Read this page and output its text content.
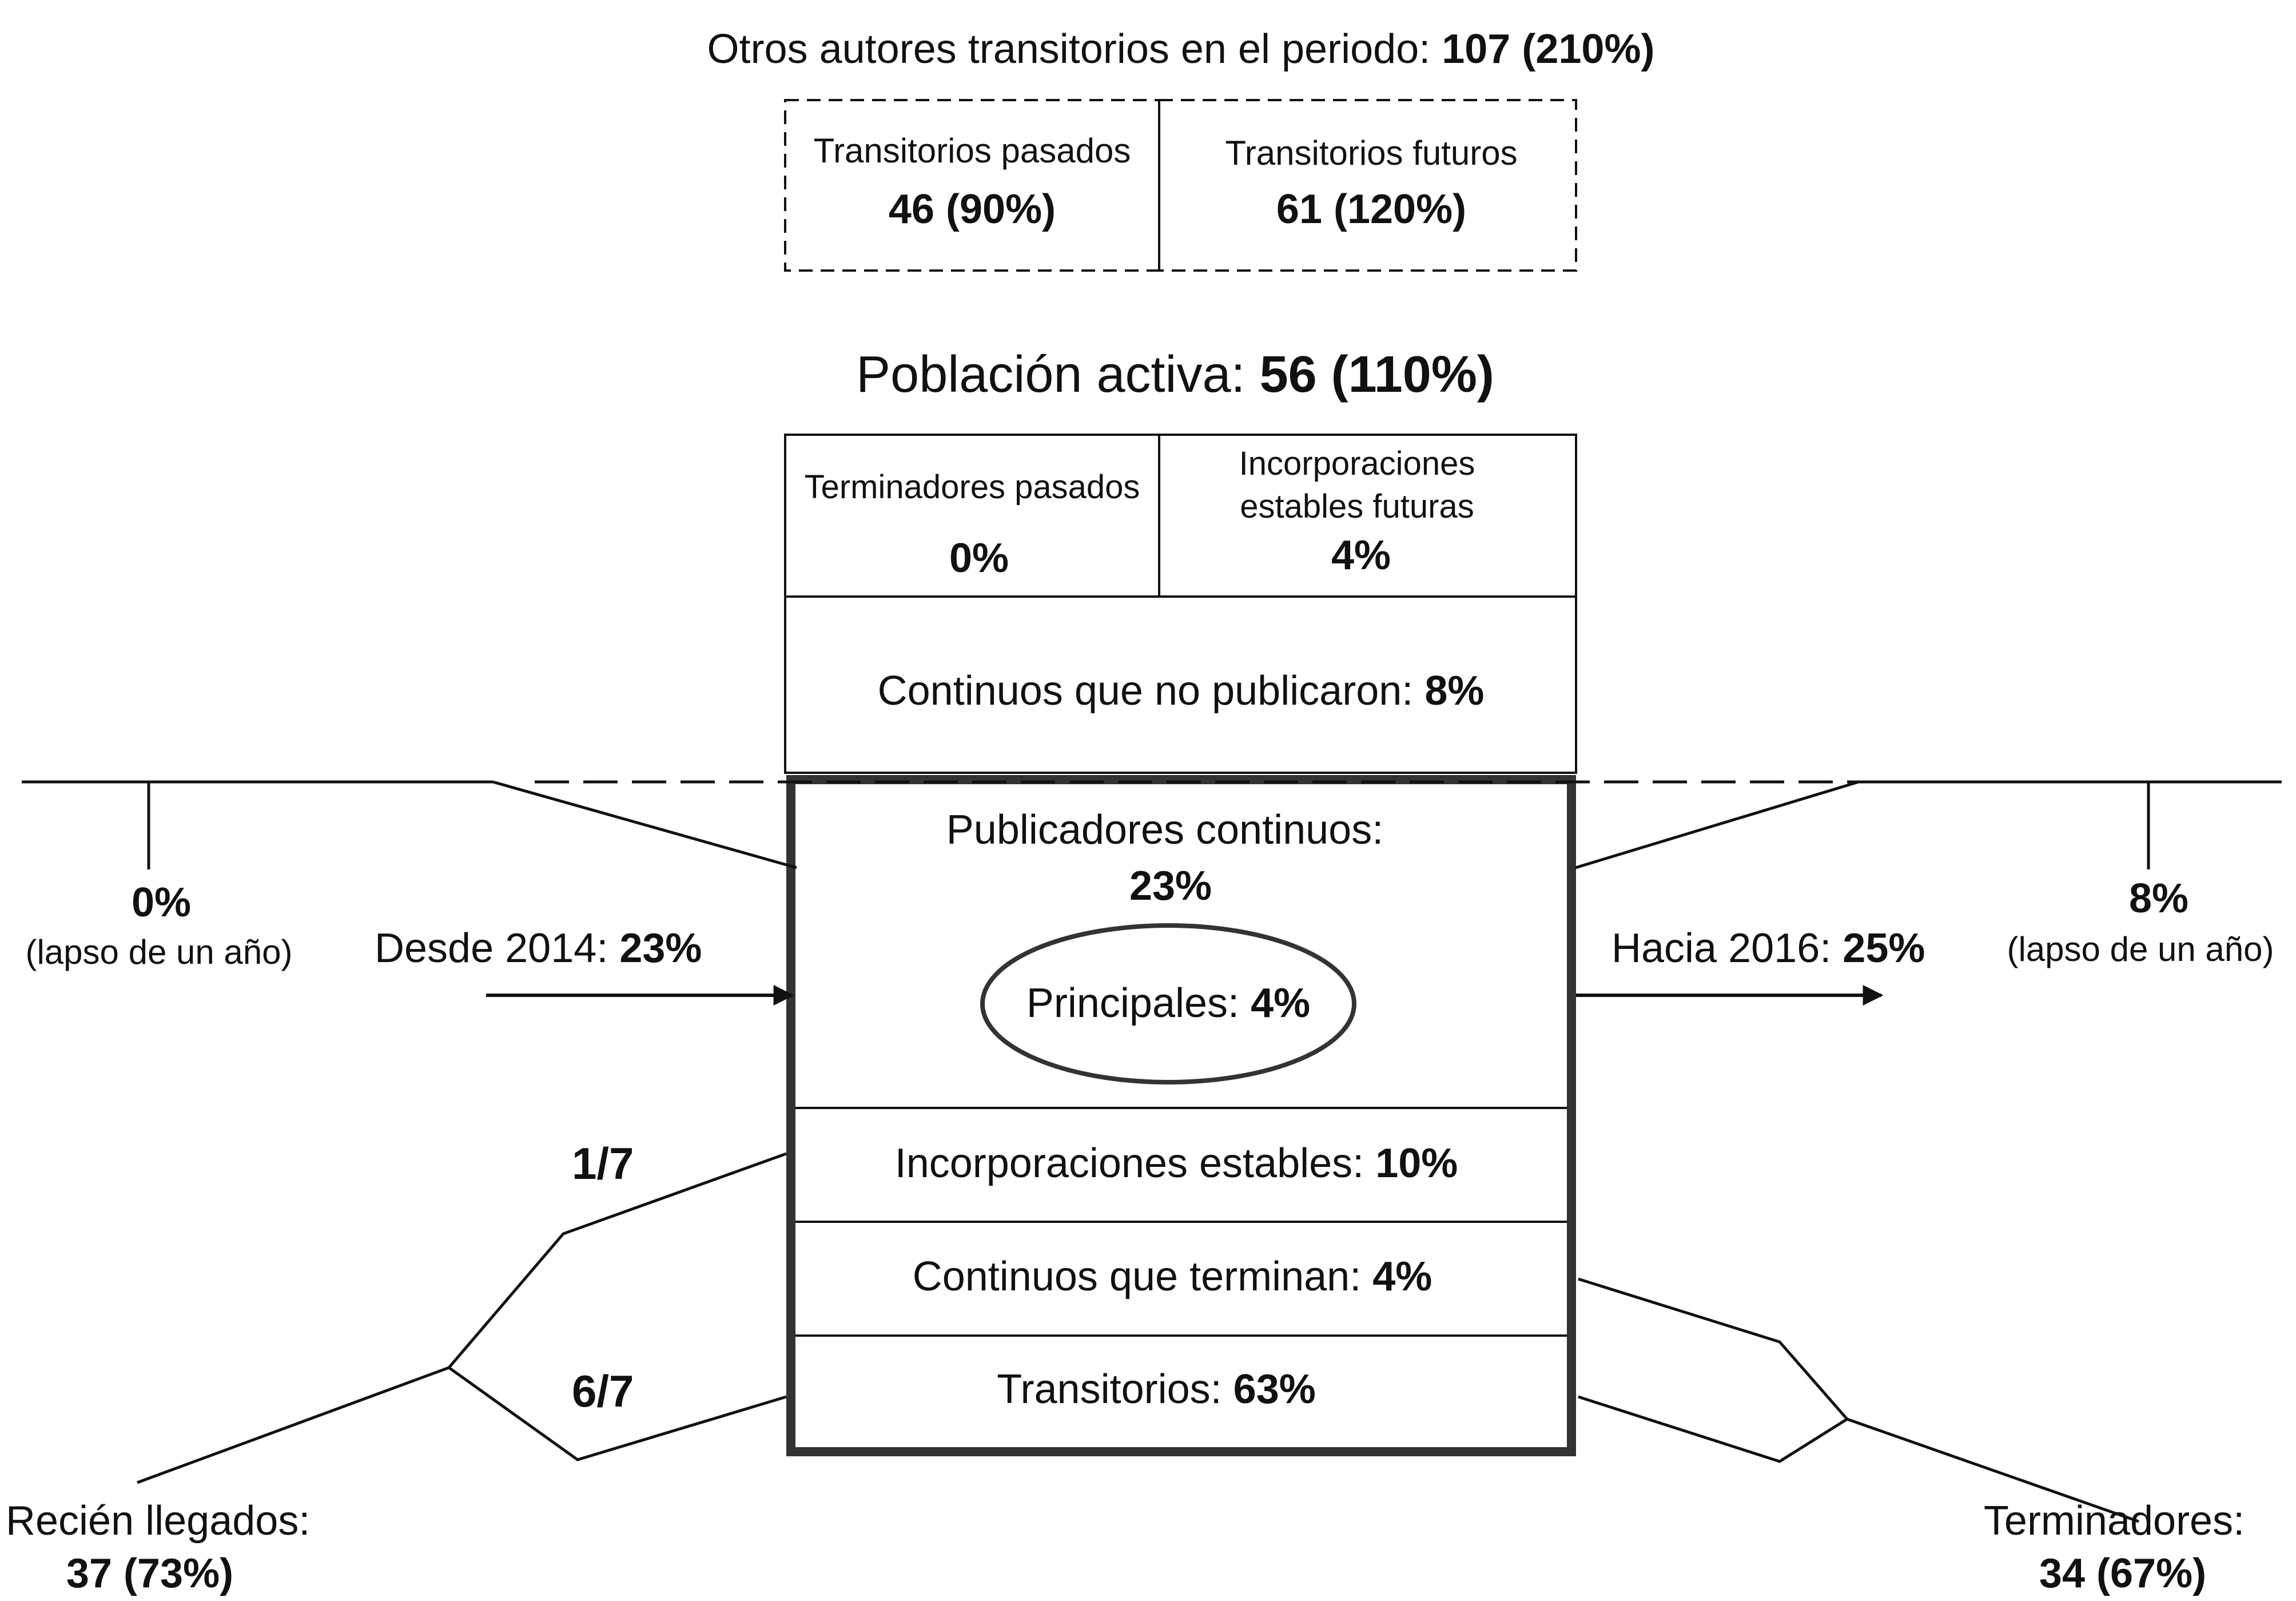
Otros autores transitorios en el periodo: 107 (210%)
Transitorios pasados
46 (90%)
Transitorios futuros
61 (120%)
Población activa: 56 (110%)
Terminadores pasados
0%
Incorporaciones
estables futuras
4%
Continuos que no publicaron: 8%
Publicadores continuos:
23%
Principales: 4%
Incorporaciones estables: 10%
Continuos que terminan: 4%
Transitorios: 63%
0%
(lapso de un año) Desde 2014: 23%
1/7
6/7
Recién llegados:
37 (73%)
8%
(lapso de un año)
Hacia 2016: 25%
Terminadores:
34 (67%)
